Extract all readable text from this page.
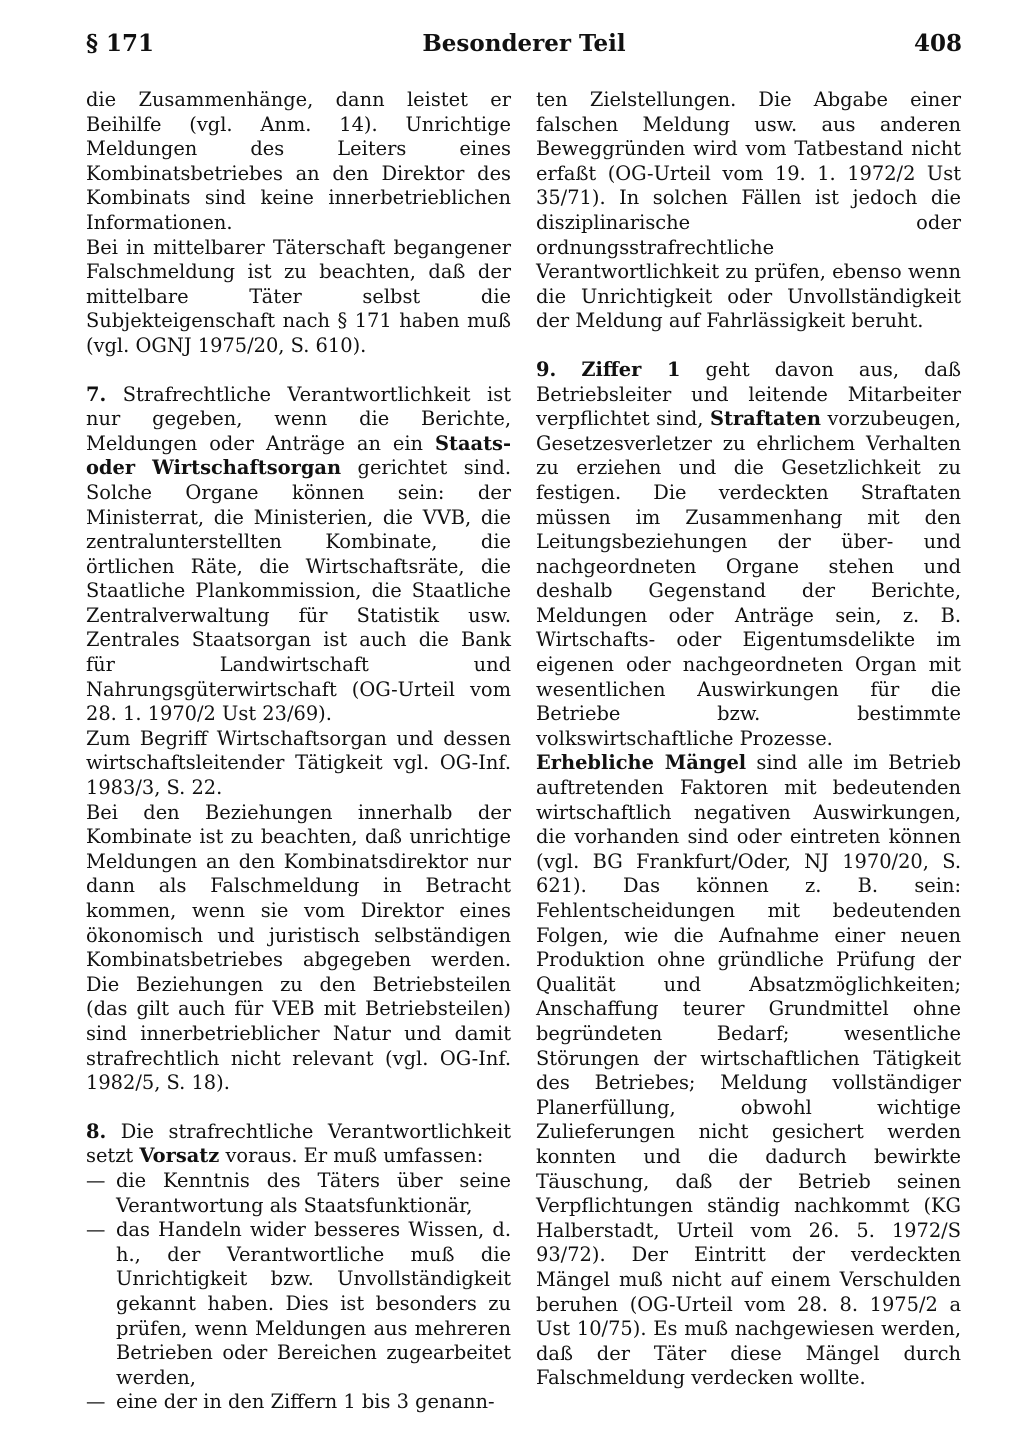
§ 171	Besonderer Teil	408

die Zusammenhänge, dann leistet er Beihilfe (vgl. Anm. 14). Unrichtige Meldungen des Leiters eines Kombinatsbetriebes an den Direktor des Kombinats sind keine innerbetrieblichen Informationen.

Bei in mittelbarer Täterschaft begangener Falschmeldung ist zu beachten, daß der mittelbare Täter selbst die Subjekteigenschaft nach § 171 haben muß (vgl. OGNJ 1975/20, S. 610).

7. Strafrechtliche Verantwortlichkeit ist nur gegeben, wenn die Berichte, Meldungen oder Anträge an ein Staats- oder Wirtschaftsorgan gerichtet sind. Solche Organe können sein: der Ministerrat, die Ministerien, die VVB, die zentralunterstellten Kombinate, die örtlichen Räte, die Wirtschaftsräte, die Staatliche Plankommission, die Staatliche Zentralverwaltung für Statistik usw. Zentrales Staatsorgan ist auch die Bank für Landwirtschaft und Nahrungsgüterwirtschaft (OG-Urteil vom 28. 1. 1970/2 Ust 23/69).

Zum Begriff Wirtschaftsorgan und dessen wirtschaftsleitender Tätigkeit vgl. OG-Inf. 1983/3, S. 22.

Bei den Beziehungen innerhalb der Kombinate ist zu beachten, daß unrichtige Meldungen an den Kombinatsdirektor nur dann als Falschmeldung in Betracht kommen, wenn sie vom Direktor eines ökonomisch und juristisch selbständigen Kombinatsbetriebes abgegeben werden. Die Beziehungen zu den Betriebsteilen (das gilt auch für VEB mit Betriebsteilen) sind innerbetrieblicher Natur und damit strafrechtlich nicht relevant (vgl. OG-Inf. 1982/5, S. 18).

8. Die strafrechtliche Verantwortlichkeit setzt Vorsatz voraus. Er muß umfassen:

— die Kenntnis des Täters über seine Verantwortung als Staatsfunktionär,
— das Handeln wider besseres Wissen, d. h., der Verantwortliche muß die Unrichtigkeit bzw. Unvollständigkeit gekannt haben. Dies ist besonders zu prüfen, wenn Meldungen aus mehreren Betrieben oder Bereichen zugearbeitet werden,
— eine der in den Ziffern 1 bis 3 genann-

ten Zielstellungen. Die Abgabe einer falschen Meldung usw. aus anderen Beweggründen wird vom Tatbestand nicht erfaßt (OG-Urteil vom 19. 1. 1972/2 Ust 35/71). In solchen Fällen ist jedoch die disziplinarische oder ordnungsstrafrechtliche Verantwortlichkeit zu prüfen, ebenso wenn die Unrichtigkeit oder Unvollständigkeit der Meldung auf Fahrlässigkeit beruht.

9. Ziffer 1 geht davon aus, daß Betriebsleiter und leitende Mitarbeiter verpflichtet sind, Straftaten vorzubeugen, Gesetzesverletzer zu ehrlichem Verhalten zu erziehen und die Gesetzlichkeit zu festigen. Die verdeckten Straftaten müssen im Zusammenhang mit den Leitungsbeziehungen der über- und nachgeordneten Organe stehen und deshalb Gegenstand der Berichte, Meldungen oder Anträge sein, z. B. Wirtschafts- oder Eigentumsdelikte im eigenen oder nachgeordneten Organ mit wesentlichen Auswirkungen für die Betriebe bzw. bestimmte volkswirtschaftliche Prozesse.

Erhebliche Mängel sind alle im Betrieb auftretenden Faktoren mit bedeutenden wirtschaftlich negativen Auswirkungen, die vorhanden sind oder eintreten können (vgl. BG Frankfurt/Oder, NJ 1970/20, S. 621). Das können z. B. sein: Fehlentscheidungen mit bedeutenden Folgen, wie die Aufnahme einer neuen Produktion ohne gründliche Prüfung der Qualität und Absatzmöglichkeiten; Anschaffung teurer Grundmittel ohne begründeten Bedarf; wesentliche Störungen der wirtschaftlichen Tätigkeit des Betriebes; Meldung vollständiger Planerfüllung, obwohl wichtige Zulieferungen nicht gesichert werden konnten und die dadurch bewirkte Täuschung, daß der Betrieb seinen Verpflichtungen ständig nachkommt (KG Halberstadt, Urteil vom 26. 5. 1972/S 93/72). Der Eintritt der verdeckten Mängel muß nicht auf einem Verschulden beruhen (OG-Urteil vom 28. 8. 1975/2 a Ust 10/75). Es muß nachgewiesen werden, daß der Täter diese Mängel durch Falschmeldung verdecken wollte.
